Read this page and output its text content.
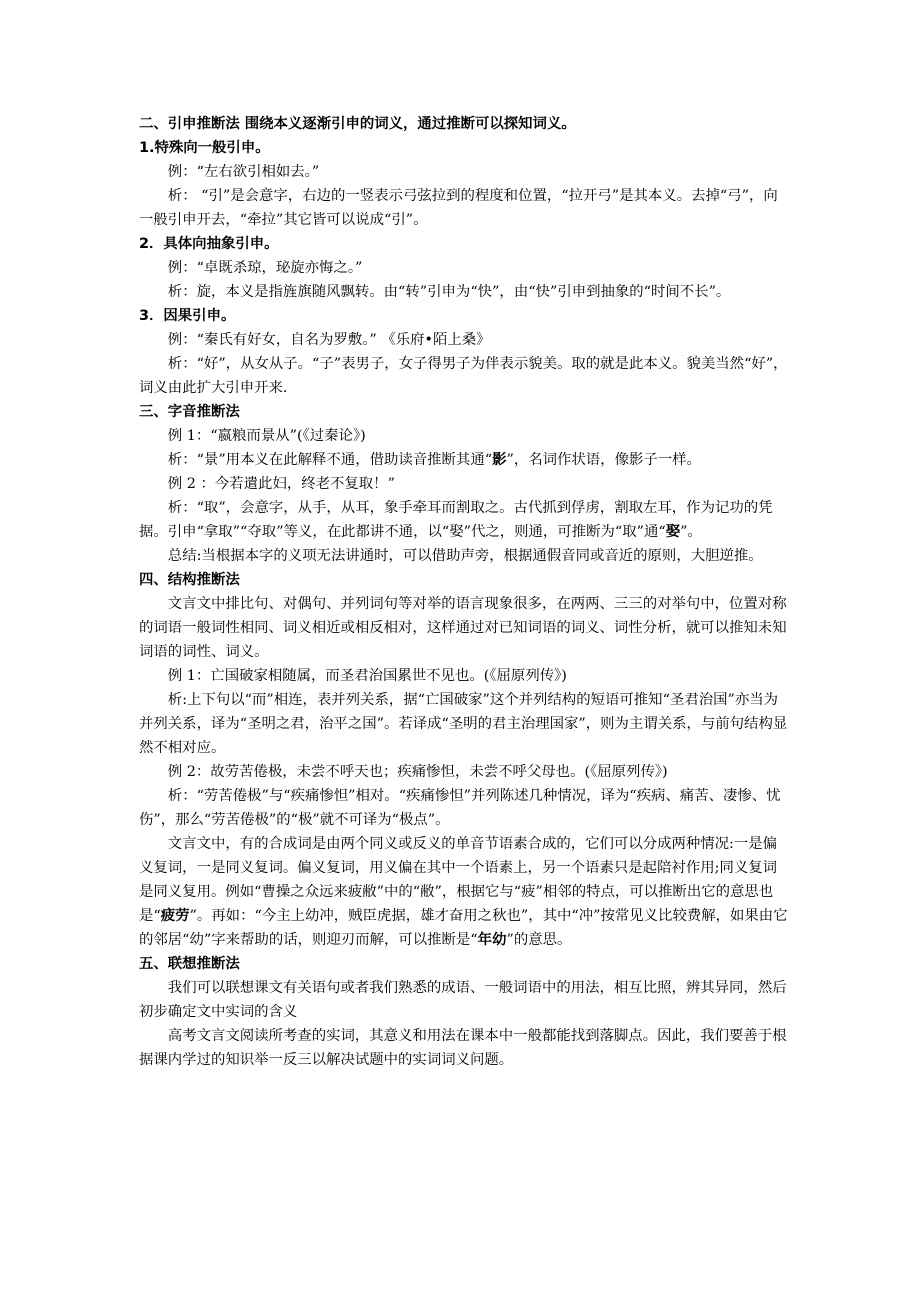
二、引申推断法 围绕本义逐渐引申的词义，通过推断可以探知词义。

1.特殊向一般引申。

例：“左右欲引相如去。”

析： “引”是会意字，右边的一竖表示弓弦拉到的程度和位置，“拉开弓”是其本义。去掉“弓”，向一般引申开去，“牵拉”其它皆可以说成“引”。

2．具体向抽象引申。

例：“卓既杀琼，珌旋亦悔之。”

析：旋，本义是指旌旗随风飘转。由“转”引申为“快”，由“快”引申到抽象的“时间不长”。

3．因果引申。

例：“秦氏有好女，自名为罗敷。” 《乐府•陌上桑》

析：“好”，从女从子。“子”表男子，女子得男子为伴表示貌美。取的就是此本义。貌美当然“好”，词义由此扩大引申开来.

三、字音推断法

例 1：“嬴粮而景从”(《过秦论》)

析：“景”用本义在此解释不通，借助读音推断其通“影”，名词作状语，像影子一样。

例 2 ：今若遣此妇，终老不复取！”

析：“取”，会意字，从手，从耳，象手牵耳而割取之。古代抓到俘虏，割取左耳，作为记功的凭据。引申“拿取”“夺取”等义，在此都讲不通，以“娶”代之，则通，可推断为“取”通“娶”。

总结:当根据本字的义项无法讲通时，可以借助声旁，根据通假音同或音近的原则，大胆逆推。

四、结构推断法

文言文中排比句、对偶句、并列词句等对举的语言现象很多，在两两、三三的对举句中，位置对称的词语一般词性相同、词义相近或相反相对，这样通过对已知词语的词义、词性分析，就可以推知未知词语的词性、词义。

例 1：亡国破家相随属，而圣君治国累世不见也。(《屈原列传》)

析:上下句以“而”相连，表并列关系，据“亡国破家”这个并列结构的短语可推知“圣君治国”亦当为并列关系，译为“圣明之君，治平之国”。若译成“圣明的君主治理国家”，则为主谓关系，与前句结构显然不相对应。

例 2：故劳苦倦极，未尝不呼天也；疾痛惨怛，未尝不呼父母也。(《屈原列传》)

析：“劳苦倦极”与“疾痛惨怛”相对。“疾痛惨怛”并列陈述几种情况，译为“疾病、痛苦、凄惨、忧伤”，那么“劳苦倦极”的“极”就不可译为“极点”。

文言文中，有的合成词是由两个同义或反义的单音节语素合成的，它们可以分成两种情况:一是偏义复词，一是同义复词。偏义复词，用义偏在其中一个语素上，另一个语素只是起陪衬作用;同义复词是同义复用。例如“曹操之众远来疲敝”中的“敝”，根据它与“疲”相邻的特点，可以推断出它的意思也是“疲劳”。再如：“今主上幼冲，贼臣虎据，雄才奋用之秋也”，其中“冲”按常见义比较费解，如果由它的邻居“幼”字来帮助的话，则迎刃而解，可以推断是“年幼”的意思。

五、联想推断法

我们可以联想课文有关语句或者我们熟悉的成语、一般词语中的用法，相互比照，辨其异同，然后初步确定文中实词的含义

高考文言文阅读所考查的实词，其意义和用法在课本中一般都能找到落脚点。因此，我们要善于根据课内学过的知识举一反三以解决试题中的实词词义问题。
